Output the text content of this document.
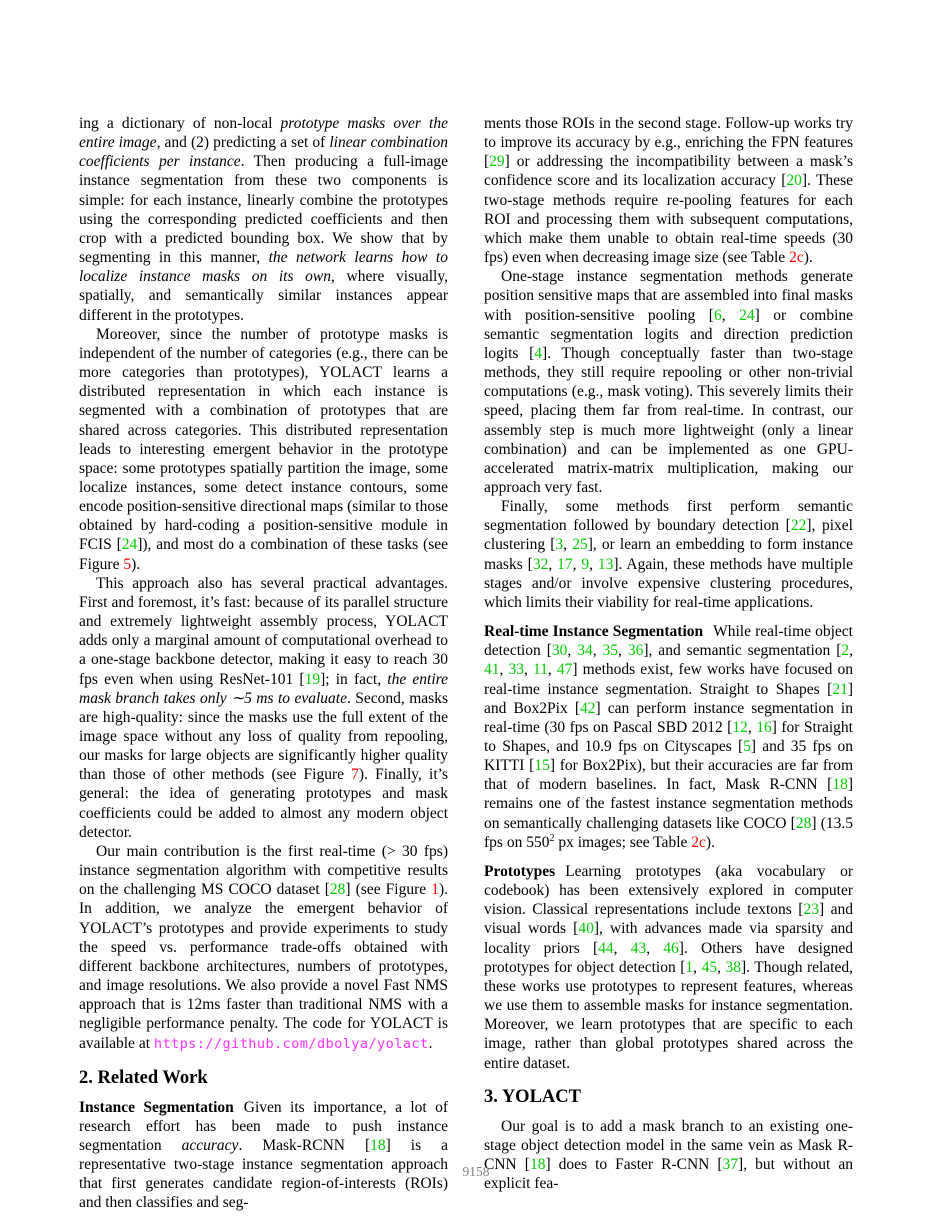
ing a dictionary of non-local prototype masks over the entire image, and (2) predicting a set of linear combination coefficients per instance. Then producing a full-image instance segmentation from these two components is simple: for each instance, linearly combine the prototypes using the corresponding predicted coefficients and then crop with a predicted bounding box. We show that by segmenting in this manner, the network learns how to localize instance masks on its own, where visually, spatially, and semantically similar instances appear different in the prototypes.

Moreover, since the number of prototype masks is independent of the number of categories (e.g., there can be more categories than prototypes), YOLACT learns a distributed representation in which each instance is segmented with a combination of prototypes that are shared across categories. This distributed representation leads to interesting emergent behavior in the prototype space: some prototypes spatially partition the image, some localize instances, some detect instance contours, some encode position-sensitive directional maps (similar to those obtained by hard-coding a position-sensitive module in FCIS [24]), and most do a combination of these tasks (see Figure 5).

This approach also has several practical advantages. First and foremost, it’s fast: because of its parallel structure and extremely lightweight assembly process, YOLACT adds only a marginal amount of computational overhead to a one-stage backbone detector, making it easy to reach 30 fps even when using ResNet-101 [19]; in fact, the entire mask branch takes only ∼5 ms to evaluate. Second, masks are high-quality: since the masks use the full extent of the image space without any loss of quality from repooling, our masks for large objects are significantly higher quality than those of other methods (see Figure 7). Finally, it’s general: the idea of generating prototypes and mask coefficients could be added to almost any modern object detector.

Our main contribution is the first real-time (> 30 fps) instance segmentation algorithm with competitive results on the challenging MS COCO dataset [28] (see Figure 1). In addition, we analyze the emergent behavior of YOLACT’s prototypes and provide experiments to study the speed vs. performance trade-offs obtained with different backbone architectures, numbers of prototypes, and image resolutions. We also provide a novel Fast NMS approach that is 12ms faster than traditional NMS with a negligible performance penalty. The code for YOLACT is available at https://github.com/dbolya/yolact.

2. Related Work

Instance Segmentation Given its importance, a lot of research effort has been made to push instance segmentation accuracy. Mask-RCNN [18] is a representative two-stage instance segmentation approach that first generates candidate region-of-interests (ROIs) and then classifies and seg-

ments those ROIs in the second stage. Follow-up works try to improve its accuracy by e.g., enriching the FPN features [29] or addressing the incompatibility between a mask’s confidence score and its localization accuracy [20]. These two-stage methods require re-pooling features for each ROI and processing them with subsequent computations, which make them unable to obtain real-time speeds (30 fps) even when decreasing image size (see Table 2c).

One-stage instance segmentation methods generate position sensitive maps that are assembled into final masks with position-sensitive pooling [6, 24] or combine semantic segmentation logits and direction prediction logits [4]. Though conceptually faster than two-stage methods, they still require repooling or other non-trivial computations (e.g., mask voting). This severely limits their speed, placing them far from real-time. In contrast, our assembly step is much more lightweight (only a linear combination) and can be implemented as one GPU-accelerated matrix-matrix multiplication, making our approach very fast.

Finally, some methods first perform semantic segmentation followed by boundary detection [22], pixel clustering [3, 25], or learn an embedding to form instance masks [32, 17, 9, 13]. Again, these methods have multiple stages and/or involve expensive clustering procedures, which limits their viability for real-time applications.

Real-time Instance Segmentation While real-time object detection [30, 34, 35, 36], and semantic segmentation [2, 41, 33, 11, 47] methods exist, few works have focused on real-time instance segmentation. Straight to Shapes [21] and Box2Pix [42] can perform instance segmentation in real-time (30 fps on Pascal SBD 2012 [12, 16] for Straight to Shapes, and 10.9 fps on Cityscapes [5] and 35 fps on KITTI [15] for Box2Pix), but their accuracies are far from that of modern baselines. In fact, Mask R-CNN [18] remains one of the fastest instance segmentation methods on semantically challenging datasets like COCO [28] (13.5 fps on $550^2$ px images; see Table 2c).

Prototypes Learning prototypes (aka vocabulary or codebook) has been extensively explored in computer vision. Classical representations include textons [23] and visual words [40], with advances made via sparsity and locality priors [44, 43, 46]. Others have designed prototypes for object detection [1, 45, 38]. Though related, these works use prototypes to represent features, whereas we use them to assemble masks for instance segmentation. Moreover, we learn prototypes that are specific to each image, rather than global prototypes shared across the entire dataset.

3. YOLACT

Our goal is to add a mask branch to an existing one-stage object detection model in the same vein as Mask R-CNN [18] does to Faster R-CNN [37], but without an explicit fea-

9158
